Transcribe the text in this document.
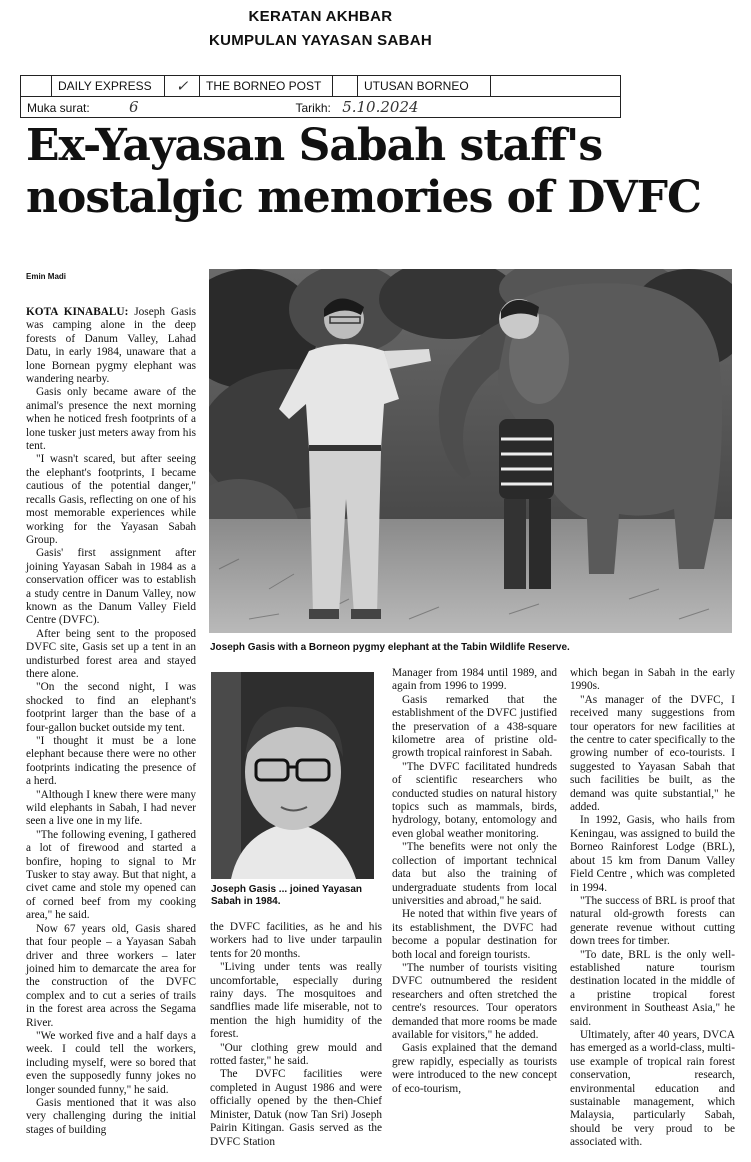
KERATAN AKHBAR
KUMPULAN YAYASAN SABAH
	DAILY EXPRESS	✓	THE BORNEO POST		UTUSAN BORNEO	
Muka surat: 6			Tarikh: 5.10.2024			
Ex-Yayasan Sabah staff's
nostalgic memories of DVFC
Emin Madi

KOTA KINABALU: Joseph Gasis was camping alone in the deep forests of Danum Valley, Lahad Datu, in early 1984, unaware that a lone Bornean pygmy elephant was wandering nearby.

Gasis only became aware of the animal's presence the next morning when he noticed fresh footprints of a lone tusker just meters away from his tent.

"I wasn't scared, but after seeing the elephant's footprints, I became cautious of the potential danger," recalls Gasis, reflecting on one of his most memorable experiences while working for the Yayasan Sabah Group.

Gasis' first assignment after joining Yayasan Sabah in 1984 as a conservation officer was to establish a study centre in Danum Valley, now known as the Danum Valley Field Centre (DVFC).

After being sent to the proposed DVFC site, Gasis set up a tent in an undisturbed forest area and stayed there alone.

"On the second night, I was shocked to find an elephant's footprint larger than the base of a four-gallon bucket outside my tent.

"I thought it must be a lone elephant because there were no other footprints indicating the presence of a herd.

"Although I knew there were many wild elephants in Sabah, I had never seen a live one in my life.

"The following evening, I gathered a lot of firewood and started a bonfire, hoping to signal to Mr Tusker to stay away. But that night, a civet came and stole my opened can of corned beef from my cooking area," he said.

Now 67 years old, Gasis shared that four people – a Yayasan Sabah driver and three workers – later joined him to demarcate the area for the construction of the DVFC complex and to cut a series of trails in the forest area across the Segama River.

"We worked five and a half days a week. I could tell the workers, including myself, were so bored that even the supposedly funny jokes no longer sounded funny," he said.

Gasis mentioned that it was also very challenging during the initial stages of building

Joseph Gasis with a Borneon pygmy elephant at the Tabin Wildlife Reserve.
Joseph Gasis ... joined Yayasan Sabah in 1984.

the DVFC facilities, as he and his workers had to live under tarpaulin tents for 20 months.

"Living under tents was really uncomfortable, especially during rainy days. The mosquitoes and sandflies made life miserable, not to mention the high humidity of the forest.

"Our clothing grew mould and rotted faster," he said.

The DVFC facilities were completed in August 1986 and were officially opened by the then-Chief Minister, Datuk (now Tan Sri) Joseph Pairin Kitingan. Gasis served as the DVFC Station

Manager from 1984 until 1989, and again from 1996 to 1999.

Gasis remarked that the establishment of the DVFC justified the preservation of a 438-square kilometre area of pristine old-growth tropical rainforest in Sabah.

"The DVFC facilitated hundreds of scientific researchers who conducted studies on natural history topics such as mammals, birds, hydrology, botany, entomology and even global weather monitoring.

"The benefits were not only the collection of important technical data but also the training of undergraduate students from local universities and abroad," he said.

He noted that within five years of its establishment, the DVFC had become a popular destination for both local and foreign tourists.

"The number of tourists visiting DVFC outnumbered the resident researchers and often stretched the centre's resources. Tour operators demanded that more rooms be made available for visitors," he added.

Gasis explained that the demand grew rapidly, especially as tourists were introduced to the new concept of eco-tourism,

which began in Sabah in the early 1990s.

"As manager of the DVFC, I received many suggestions from tour operators for new facilities at the centre to cater specifically to the growing number of eco-tourists. I suggested to Yayasan Sabah that such facilities be built, as the demand was quite substantial," he added.

In 1992, Gasis, who hails from Keningau, was assigned to build the Borneo Rainforest Lodge (BRL), about 15 km from Danum Valley Field Centre , which was completed in 1994.

"The success of BRL is proof that natural old-growth forests can generate revenue without cutting down trees for timber.

"To date, BRL is the only well-established nature tourism destination located in the middle of a pristine tropical forest environment in Southeast Asia," he said.

Ultimately, after 40 years, DVCA has emerged as a world-class, multi-use example of tropical rain forest conservation, research, environmental education and sustainable management, which Malaysia, particularly Sabah, should be very proud to be associated with.
